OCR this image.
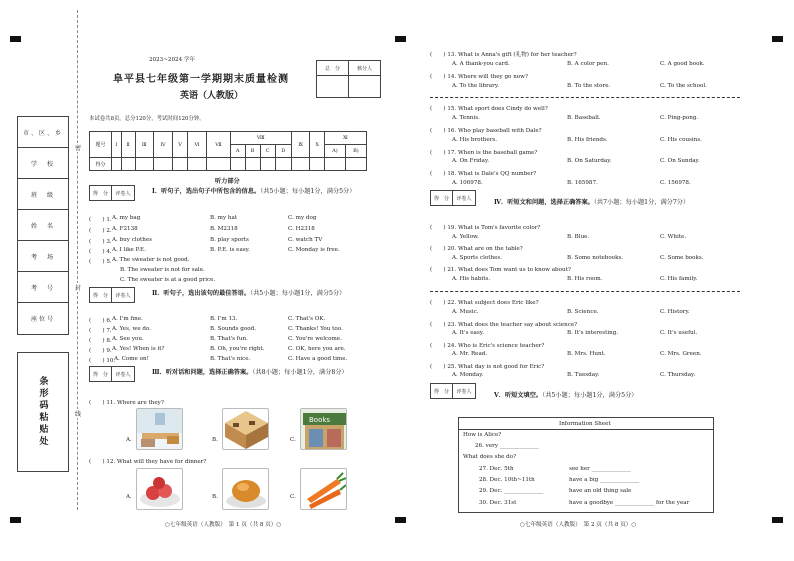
市、区、乡
学　校
班　级
姓　名
考　场
考　号
座位号
条形码粘贴处
密
封
线
2023~2024 学年
阜平县七年级第一学期期末质量检测
英语（人教版）
本试卷共8页。总分120分，考试时间120分钟。
总　分	核分人

题号	Ⅰ	Ⅱ	Ⅲ	Ⅳ	Ⅴ	Ⅵ	Ⅶ	Ⅷ				Ⅸ	Ⅹ	Ⅺ	
								A	B	C	D			A)	B)
得分															
听力部分
得　分	评卷人	Ⅰ．听句子，选出句子中所包含的信息。（共5小题；每小题1分，满分5分）
(　　) 1. A. my bag	B. my hat	C. my dog
(　　) 2. A. F2138	B. M2318	C. H2318
(　　) 3. A. buy clothes	B. play sports	C. watch TV
(　　) 4. A. I like P.E.	B. P.E. is easy.	C. Monday is free.
(　　) 5. A. The sweater is not good.
B. The sweater is not for sale.
C. The sweater is at a good price.
得　分	评卷人	Ⅱ．听句子，选出该句的最佳答语。（共5小题；每小题1分，满分5分）
(　　) 6. A. I'm fine.	B. I'm 13.	C. That's OK.
(　　) 7. A. Yes, we do.	B. Sounds good.	C. Thanks! You too.
(　　) 8. A. See you.	B. That's fun.	C. You're welcome.
(　　) 9. A. Yes! When is it?	B. Oh, you're right.	C. OK, here you are.
(　　) 10.
A. Come on!	B. That's nice.	C. Have a good time.
得　分	评卷人	Ⅲ．听对话和问题，选择正确答案。（共8小题；每小题1分，满分8分）
(　　) 11. Where are they?
A.	B.	C.
Books
(　　) 12. What will they have for dinner?
A.	B.	C.
○七年级英语（人教版）　第 1 页（共 8 页）○
(　　) 13. What is Anna's gift (礼物) for her teacher?
A. A thank-you card.	B. A color pen.	C. A good book.
(　　) 14. Where will they go now?
A. To the library.	B. To the store.	C. To the school.
(　　) 15. What sport does Cindy do well?
A. Tennis.	B. Baseball.	C. Ping-pong.
(　　) 16. Who play baseball with Dale?
A. His brothers.	B. His friends.	C. His cousins.
(　　) 17. When is the baseball game?
A. On Friday.	B. On Saturday.	C. On Sunday.
(　　) 18. What is Dale's QQ number?
A. 106978.	B. 165987.	C. 156978.
得　分	评卷人
Ⅳ．听短文和问题，选择正确答案。（共7小题；每小题1分，满分7分）
(　　) 19. What is Tom's favorite color?
A. Yellow.	B. Blue.	C. White.
(　　) 20. What are on the table?
A. Sports clothes.	B. Some notebooks.	C. Some books.
(　　) 21. What does Tom want us to know about?
A. His habits.	B. His room.	C. His family.
(　　) 22. What subject does Eric like?
A. Music.	B. Science.	C. History.
(　　) 23. What does the teacher say about science?
A. It's easy.	B. It's interesting.	C. It's useful.
(　　) 24. Who is Eric's science teacher?
A. Mr. Read.	B. Mrs. Hunt.	C. Mrs. Green.
(　　) 25. What day is not good for Eric?
A. Monday.	B. Tuesday.	C. Thursday.
得　分	评卷人
Ⅴ．听短文填空。（共5小题；每小题1分，满分5分）
Information Sheet
How is Alice?
26. very ______________
What does she do?
27. Dec. 5th	see her ______________
28. Dec. 10th~11th	have a big ______________
29. Dec. ______________	have an old thing sale
30. Dec. 31st	have a goodbye ______________ for the year
○七年级英语（人教版）　第 2 页（共 8 页）○
